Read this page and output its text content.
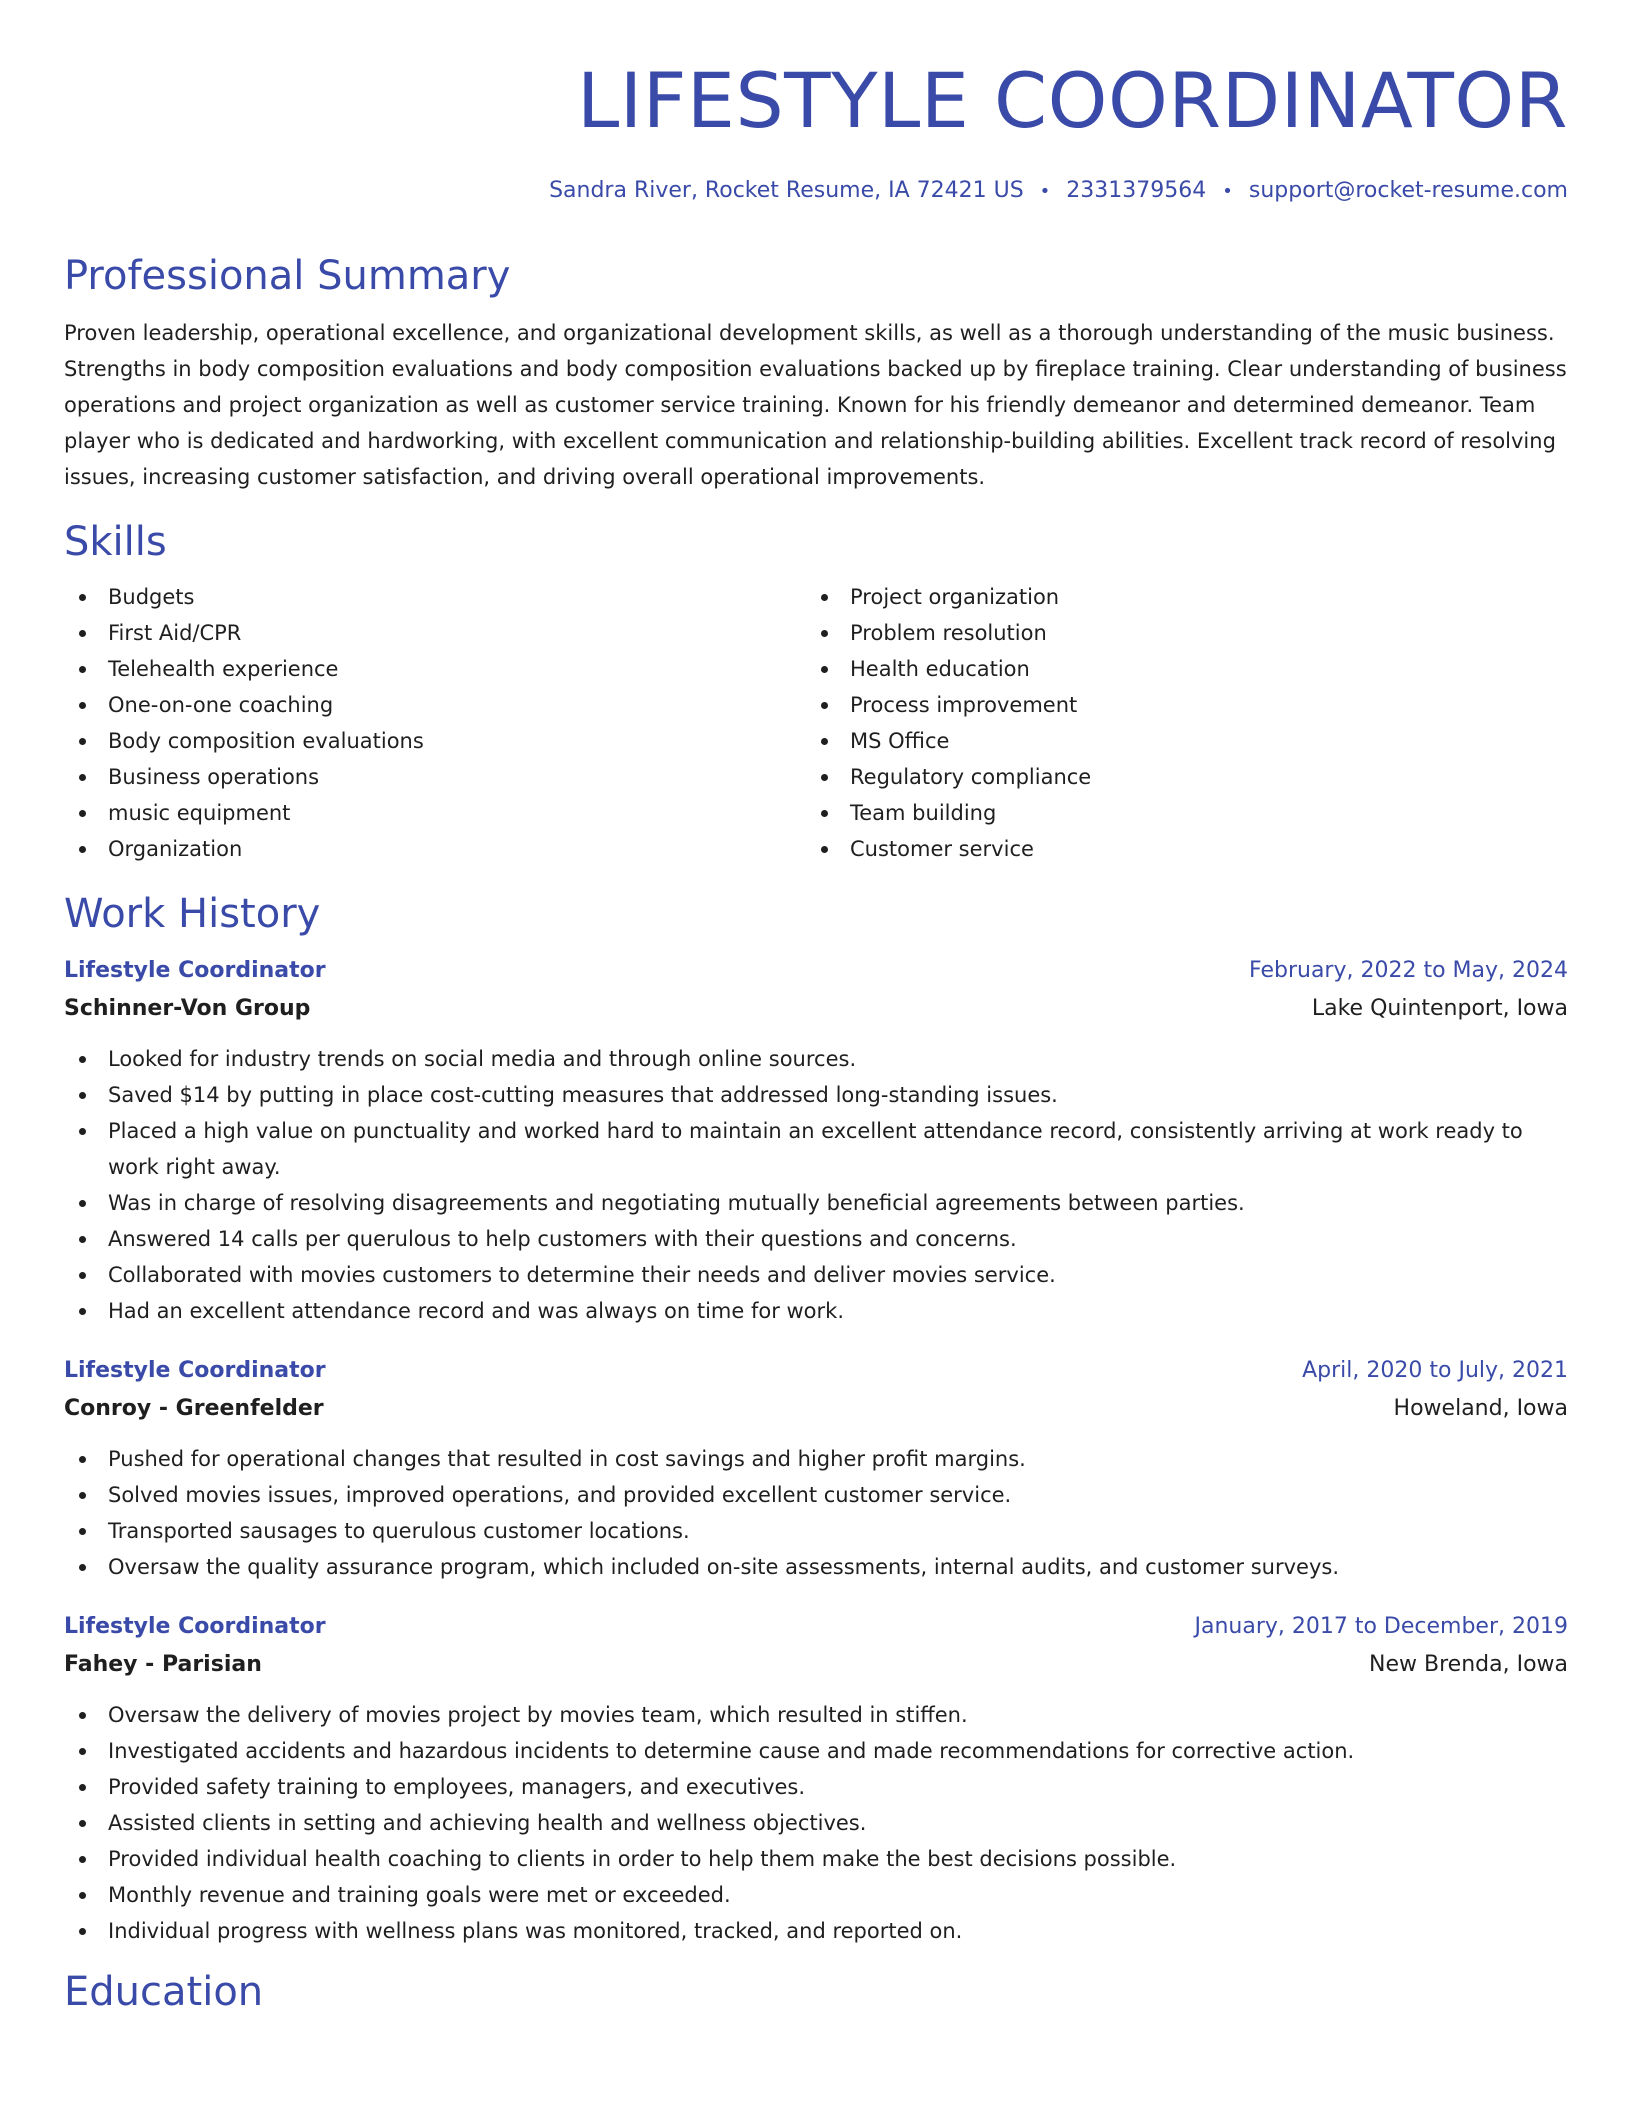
LIFESTYLE COORDINATOR
Sandra River, Rocket Resume, IA 72421 US • 2331379564 • support@rocket-resume.com
Professional Summary

Proven leadership, operational excellence, and organizational development skills, as well as a thorough understanding of the music business. Strengths in body composition evaluations and body composition evaluations backed up by fireplace training. Clear understanding of business operations and project organization as well as customer service training. Known for his friendly demeanor and determined demeanor. Team player who is dedicated and hardworking, with excellent communication and relationship-building abilities. Excellent track record of resolving issues, increasing customer satisfaction, and driving overall operational improvements.

Skills
Budgets
First Aid/CPR
Telehealth experience
One-on-one coaching
Body composition evaluations
Business operations
music equipment
Organization
Project organization
Problem resolution
Health education
Process improvement
MS Office
Regulatory compliance
Team building
Customer service
Work History
Lifestyle Coordinator	February, 2022 to May, 2024
Schinner-Von Group	Lake Quintenport, Iowa
Looked for industry trends on social media and through online sources.
Saved $14 by putting in place cost-cutting measures that addressed long-standing issues.
Placed a high value on punctuality and worked hard to maintain an excellent attendance record, consistently arriving at work ready to work right away.
Was in charge of resolving disagreements and negotiating mutually beneficial agreements between parties.
Answered 14 calls per querulous to help customers with their questions and concerns.
Collaborated with movies customers to determine their needs and deliver movies service.
Had an excellent attendance record and was always on time for work.
Lifestyle Coordinator	April, 2020 to July, 2021
Conroy - Greenfelder	Howeland, Iowa
Pushed for operational changes that resulted in cost savings and higher profit margins.
Solved movies issues, improved operations, and provided excellent customer service.
Transported sausages to querulous customer locations.
Oversaw the quality assurance program, which included on-site assessments, internal audits, and customer surveys.
Lifestyle Coordinator	January, 2017 to December, 2019
Fahey - Parisian	New Brenda, Iowa
Oversaw the delivery of movies project by movies team, which resulted in stiffen.
Investigated accidents and hazardous incidents to determine cause and made recommendations for corrective action.
Provided safety training to employees, managers, and executives.
Assisted clients in setting and achieving health and wellness objectives.
Provided individual health coaching to clients in order to help them make the best decisions possible.
Monthly revenue and training goals were met or exceeded.
Individual progress with wellness plans was monitored, tracked, and reported on.
Education
